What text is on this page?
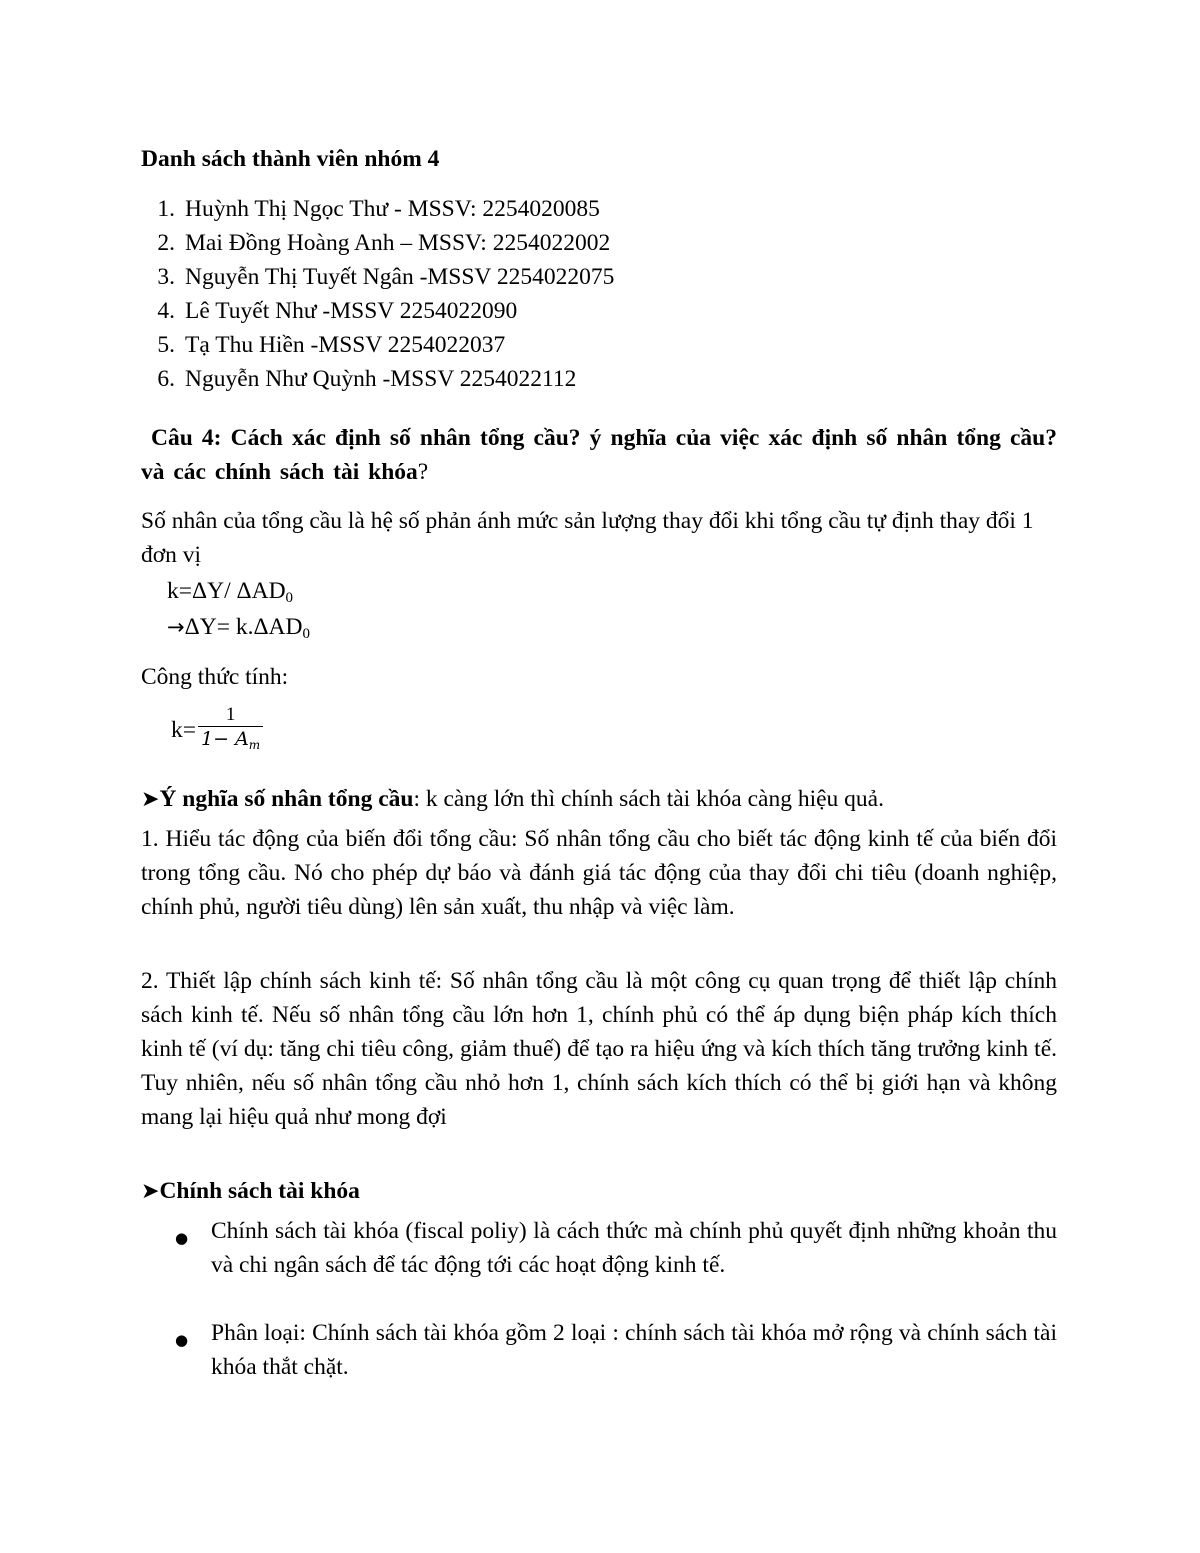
Danh sách thành viên nhóm 4
1. Huỳnh Thị Ngọc Thư - MSSV: 2254020085
2. Mai Đồng Hoàng Anh – MSSV: 2254022002
3. Nguyễn Thị Tuyết Ngân -MSSV 2254022075
4. Lê Tuyết Như -MSSV 2254022090
5. Tạ Thu Hiền -MSSV 2254022037
6. Nguyễn Như Quỳnh -MSSV 2254022112
Câu 4: Cách xác định số nhân tổng cầu? ý nghĩa của việc xác định số nhân tổng cầu? và các chính sách tài khóa?
Số nhân của tổng cầu là hệ số phản ánh mức sản lượng thay đổi khi tổng cầu tự định thay đổi 1 đơn vị
k=ΔY/ $\Delta AD_0$
$\to\Delta Y= k.\Delta AD_0$
Công thức tính:
$k= \frac{1}{1- A_m}$
➤Ý nghĩa số nhân tổng cầu: k càng lớn thì chính sách tài khóa càng hiệu quả.
1. Hiểu tác động của biến đổi tổng cầu: Số nhân tổng cầu cho biết tác động kinh tế của biến đổi trong tổng cầu. Nó cho phép dự báo và đánh giá tác động của thay đổi chi tiêu (doanh nghiệp, chính phủ, người tiêu dùng) lên sản xuất, thu nhập và việc làm.
2. Thiết lập chính sách kinh tế: Số nhân tổng cầu là một công cụ quan trọng để thiết lập chính sách kinh tế. Nếu số nhân tổng cầu lớn hơn 1, chính phủ có thể áp dụng biện pháp kích thích kinh tế (ví dụ: tăng chi tiêu công, giảm thuế) để tạo ra hiệu ứng và kích thích tăng trưởng kinh tế. Tuy nhiên, nếu số nhân tổng cầu nhỏ hơn 1, chính sách kích thích có thể bị giới hạn và không mang lại hiệu quả như mong đợi
➤Chính sách tài khóa
● Chính sách tài khóa (fiscal poliy) là cách thức mà chính phủ quyết định những khoản thu và chi ngân sách để tác động tới các hoạt động kinh tế.
● Phân loại: Chính sách tài khóa gồm 2 loại : chính sách tài khóa mở rộng và chính sách tài khóa thắt chặt.
